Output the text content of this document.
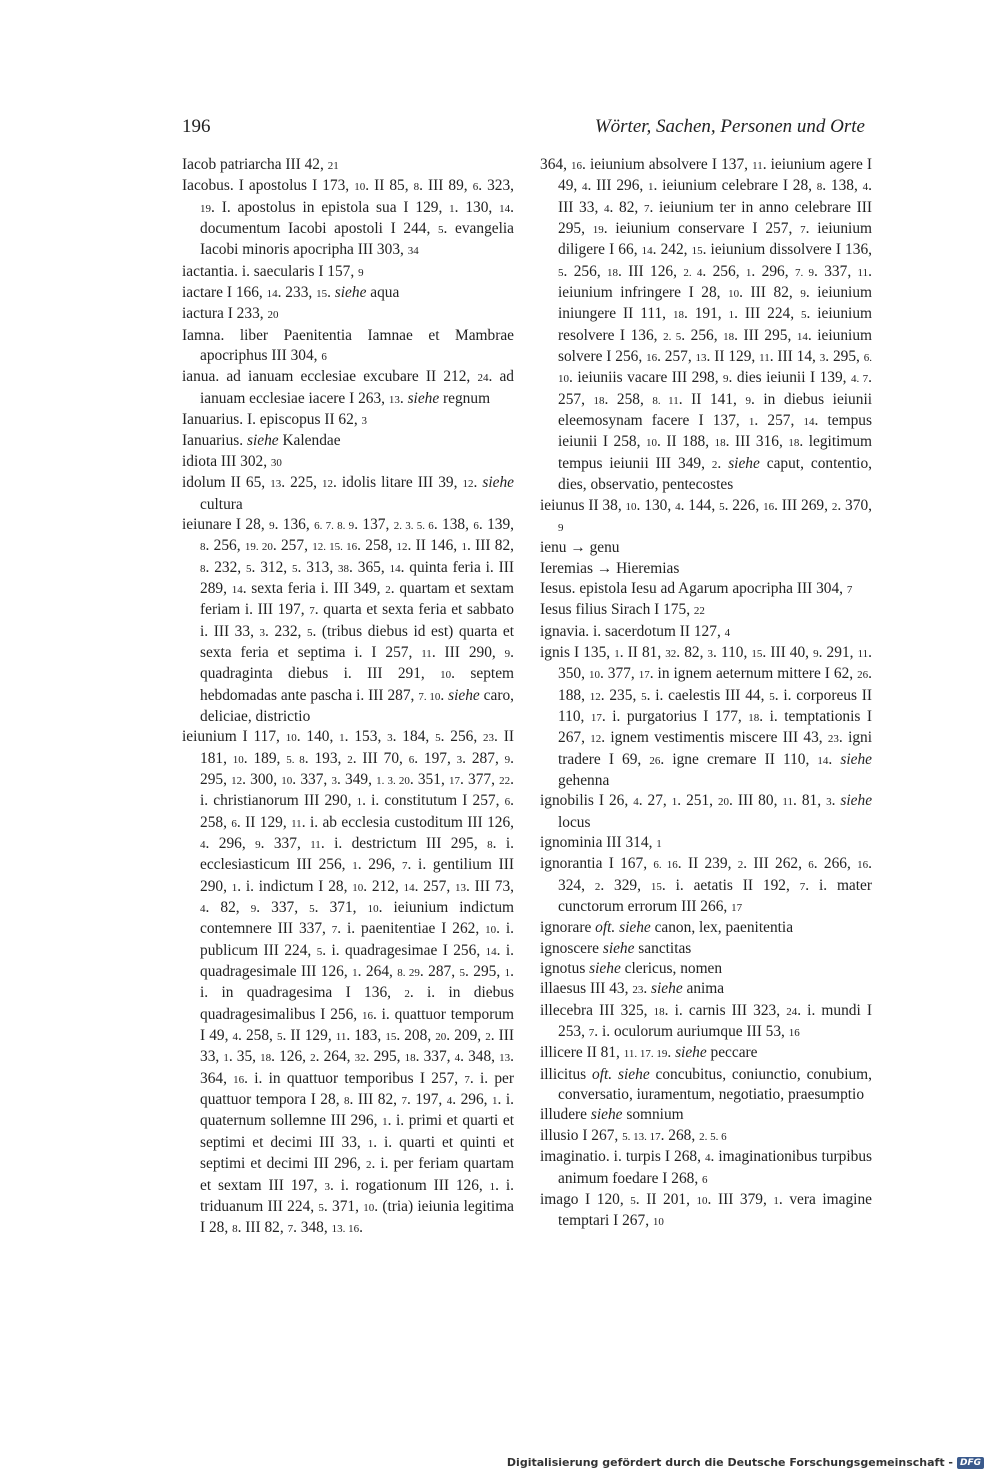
196	Wörter, Sachen, Personen und Orte
Iacob patriarcha III 42, 21
Iacobus. I apostolus I 173, 10. II 85, 8. III 89, 6. 323, 19. I. apostolus in epistola sua I 129, 1. 130, 14. documentum Iacobi apostoli I 244, 5. evangelia Iacobi minoris apocripha III 303, 34
iactantia. i. saecularis I 157, 9
iactare I 166, 14. 233, 15. siehe aqua
iactura I 233, 20
Iamna. liber Paenitentia Iamnae et Mambrae apocriphus III 304, 6
ianua. ad ianuam ecclesiae excubare II 212, 24. ad ianuam ecclesiae iacere I 263, 13. siehe regnum
Ianuarius. I. episcopus II 62, 3
Ianuarius. siehe Kalendae
idiota III 302, 30
idolum II 65, 13. 225, 12. idolis litare III 39, 12. siehe cultura
ieiunare I 28, 9. 136, 6. 7. 8. 9. 137, 2. 3. 5. 6. 138, 6. 139, 8. 256, 19. 20. 257, 12. 15. 16. 258, 12. II 146, 1. III 82, 8. 232, 5. 312, 5. 313, 38. 365, 14. quinta feria i. III 289, 14. sexta feria i. III 349, 2. quartam et sextam feriam i. III 197, 7. quarta et sexta feria et sabbato i. III 33, 3. 232, 5. (tribus diebus id est) quarta et sexta feria et septima i. I 257, 11. III 290, 9. quadraginta diebus i. III 291, 10. septem hebdomadas ante pascha i. III 287, 7. 10. siehe caro, deliciae, districtio
ieiunium I 117, 10. 140, 1. 153, 3. 184, 5. 256, 23. II 181, 10. 189, 5. 8. 193, 2. III 70, 6. 197, 3. 287, 9. 295, 12. 300, 10. 337, 3. 349, 1. 3. 20. 351, 17. 377, 22. i. christianorum III 290, 1. i. constitutum I 257, 6. 258, 6. II 129, 11. i. ab ecclesia custoditum III 126, 4. 296, 9. 337, 11. i. destrictum III 295, 8. i. ecclesiasticum III 256, 1. 296, 7. i. gentilium III 290, 1. i. indictum I 28, 10. 212, 14. 257, 13. III 73, 4. 82, 9. 337, 5. 371, 10. ieiunium indictum contemnere III 337, 7. i. paenitentiae I 262, 10. i. publicum III 224, 5. i. quadragesimae I 256, 14. i. quadragesimale III 126, 1. 264, 8. 29. 287, 5. 295, 1. i. in quadragesima I 136, 2. i. in diebus quadragesimalibus I 256, 16. i. quattuor temporum I 49, 4. 258, 5. II 129, 11. 183, 15. 208, 20. 209, 2. III 33, 1. 35, 18. 126, 2. 264, 32. 295, 18. 337, 4. 348, 13. 364, 16. i. in quattuor temporibus I 257, 7. i. per quattuor tempora I 28, 8. III 82, 7. 197, 4. 296, 1. i. quaternum sollemne III 296, 1. i. primi et quarti et septimi et decimi III 33, 1. i. quarti et quinti et septimi et decimi III 296, 2. i. per feriam quartam et sextam III 197, 3. i. rogationum III 126, 1. i. triduanum III 224, 5. 371, 10. (tria) ieiunia legitima I 28, 8. III 82, 7. 348, 13. 16.
364, 16. ieiunium absolvere I 137, 11. ieiunium agere I 49, 4. III 296, 1. ieiunium celebrare I 28, 8. 138, 4. III 33, 4. 82, 7. ieiunium ter in anno celebrare III 295, 19. ieiunium conservare I 257, 7. ieiunium diligere I 66, 14. 242, 15. ieiunium dissolvere I 136, 5. 256, 18. III 126, 2. 4. 256, 1. 296, 7. 9. 337, 11. ieiunium infringere I 28, 10. III 82, 9. ieiunium iniungere II 111, 18. 191, 1. III 224, 5. ieiunium resolvere I 136, 2. 5. 256, 18. III 295, 14. ieiunium solvere I 256, 16. 257, 13. II 129, 11. III 14, 3. 295, 6. 10. ieiuniis vacare III 298, 9. dies ieiunii I 139, 4. 7. 257, 18. 258, 8. 11. II 141, 9. in diebus ieiunii eleemosynam facere I 137, 1. 257, 14. tempus ieiunii I 258, 10. II 188, 18. III 316, 18. legitimum tempus ieiunii III 349, 2. siehe caput, contentio, dies, observatio, pentecostes
ieiunus II 38, 10. 130, 4. 144, 5. 226, 16. III 269, 2. 370, 9
ienu → genu
Ieremias → Hieremias
Iesus. epistola Iesu ad Agarum apocripha III 304, 7
Iesus filius Sirach I 175, 22
ignavia. i. sacerdotum II 127, 4
ignis I 135, 1. II 81, 32. 82, 3. 110, 15. III 40, 9. 291, 11. 350, 10. 377, 17. in ignem aeternum mittere I 62, 26. 188, 12. 235, 5. i. caelestis III 44, 5. i. corporeus II 110, 17. i. purgatorius I 177, 18. i. temptationis I 267, 12. ignem vestimentis miscere III 43, 23. igni tradere I 69, 26. igne cremare II 110, 14. siehe gehenna
ignobilis I 26, 4. 27, 1. 251, 20. III 80, 11. 81, 3. siehe locus
ignominia III 314, 1
ignorantia I 167, 6. 16. II 239, 2. III 262, 6. 266, 16. 324, 2. 329, 15. i. aetatis II 192, 7. i. mater cunctorum errorum III 266, 17
ignorare oft. siehe canon, lex, paenitentia
ignoscere siehe sanctitas
ignotus siehe clericus, nomen
illaesus III 43, 23. siehe anima
illecebra III 325, 18. i. carnis III 323, 24. i. mundi I 253, 7. i. oculorum auriumque III 53, 16
illicere II 81, 11. 17. 19. siehe peccare
illicitus oft. siehe concubitus, coniunctio, conubium, conversatio, iuramentum, negotiatio, praesumptio
illudere siehe somnium
illusio I 267, 5. 13. 17. 268, 2. 5. 6
imaginatio. i. turpis I 268, 4. imaginationibus turpibus animum foedare I 268, 6
imago I 120, 5. II 201, 10. III 379, 1. vera imagine temptari I 267, 10
Digitalisierung gefördert durch die Deutsche Forschungsgemeinschaft - DFG
